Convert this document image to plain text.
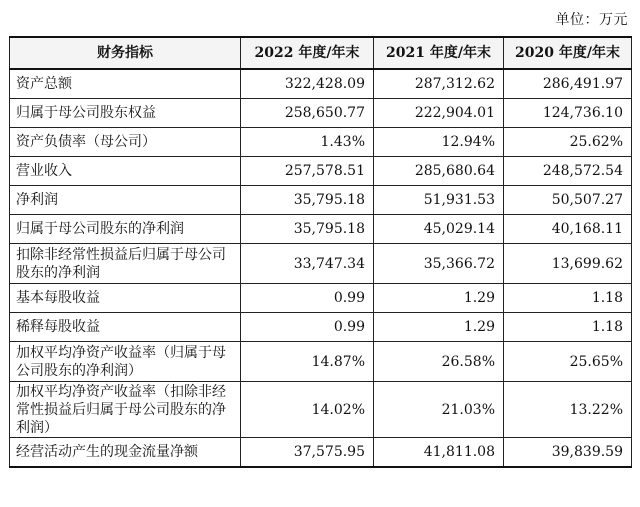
单位：万元
财务指标	2022 年度/年末	2021 年度/年末	2020 年度/年末
资产总额	322,428.09	287,312.62	286,491.97
归属于母公司股东权益	258,650.77	222,904.01	124,736.10
资产负债率（母公司）	1.43%	12.94%	25.62%
营业收入	257,578.51	285,680.64	248,572.54
净利润	35,795.18	51,931.53	50,507.27
归属于母公司股东的净利润	35,795.18	45,029.14	40,168.11
扣除非经常性损益后归属于母公司股东的净利润	33,747.34	35,366.72	13,699.62
基本每股收益	0.99	1.29	1.18
稀释每股收益	0.99	1.29	1.18
加权平均净资产收益率（归属于母公司股东的净利润）	14.87%	26.58%	25.65%
加权平均净资产收益率（扣除非经常性损益后归属于母公司股东的净利润）	14.02%	21.03%	13.22%
经营活动产生的现金流量净额	37,575.95	41,811.08	39,839.59
